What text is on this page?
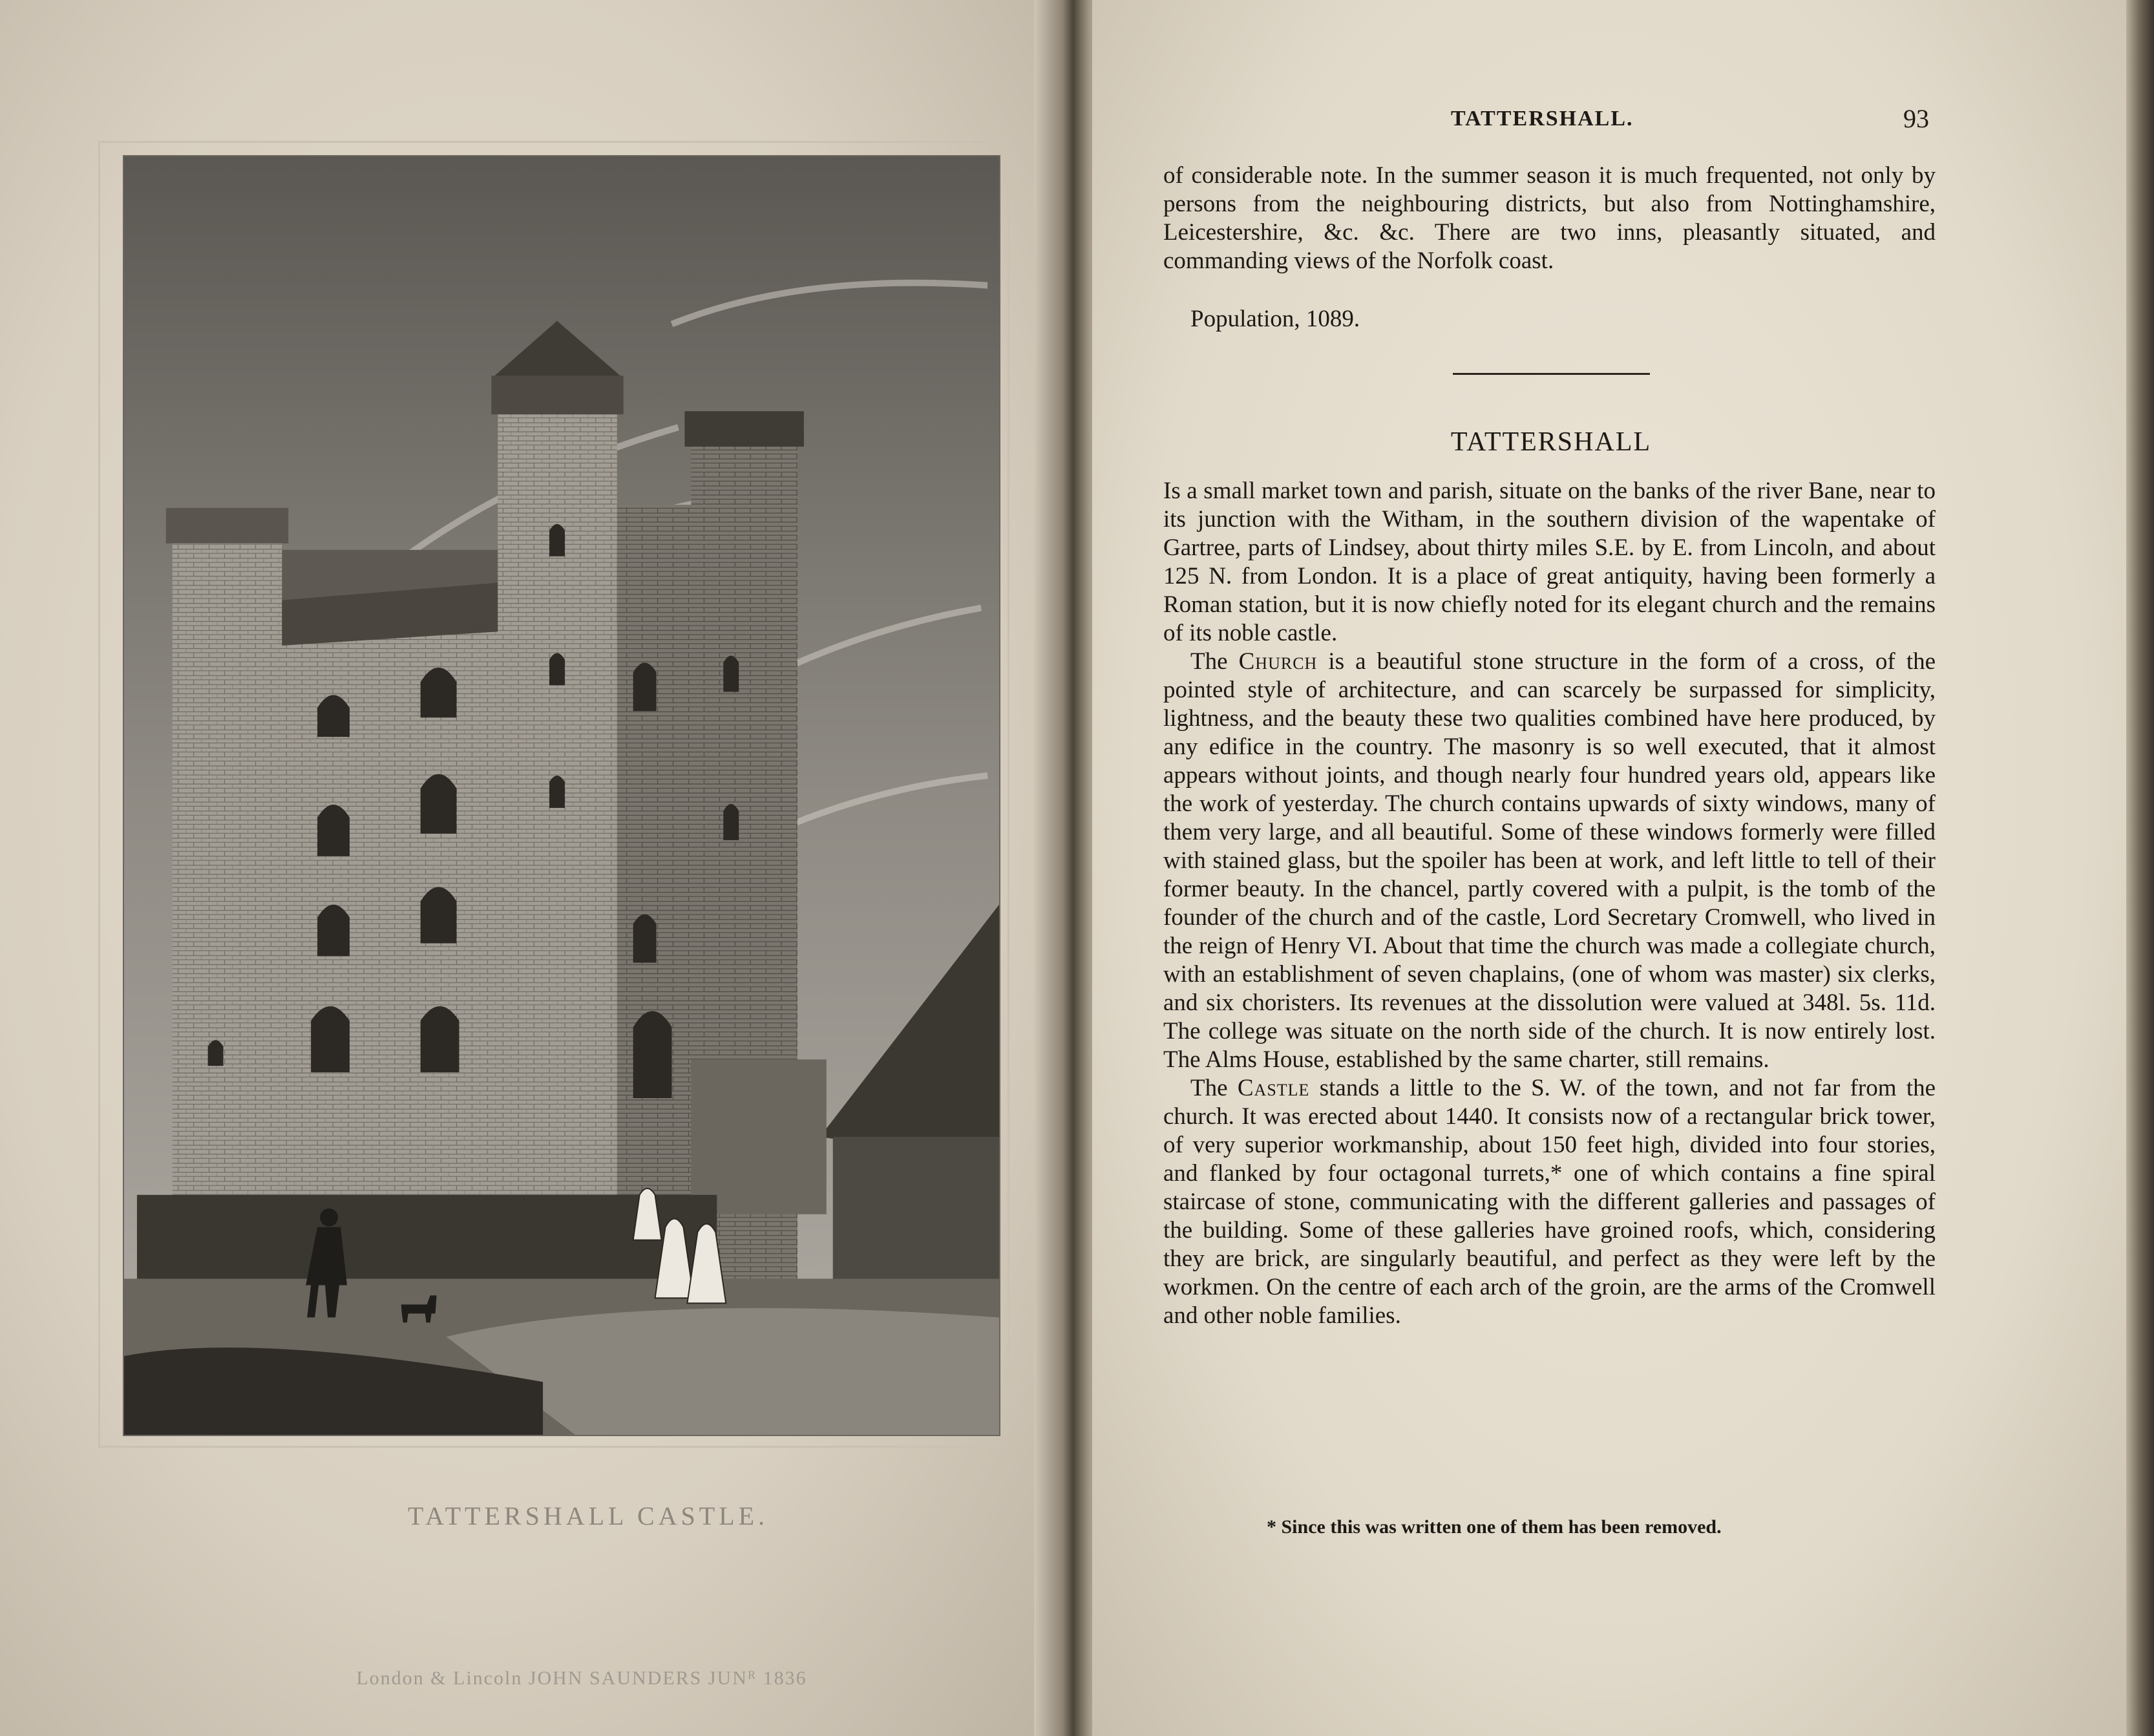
TATTERSHALL CASTLE.
London & Lincoln JOHN SAUNDERS JUNᴿ 1836
TATTERSHALL.	93

of considerable note. In the summer season it is much frequented, not only by persons from the neighbouring districts, but also from Nottinghamshire, Leicestershire, &c. &c. There are two inns, pleasantly situated, and commanding views of the Norfolk coast.

Population, 1089.

TATTERSHALL

Is a small market town and parish, situate on the banks of the river Bane, near to its junction with the Witham, in the southern division of the wapentake of Gartree, parts of Lindsey, about thirty miles S.E. by E. from Lincoln, and about 125 N. from London. It is a place of great antiquity, having been formerly a Roman station, but it is now chiefly noted for its elegant church and the remains of its noble castle.

The Church is a beautiful stone structure in the form of a cross, of the pointed style of architecture, and can scarcely be surpassed for simplicity, lightness, and the beauty these two qualities combined have here produced, by any edifice in the country. The masonry is so well executed, that it almost appears without joints, and though nearly four hundred years old, appears like the work of yesterday. The church contains upwards of sixty windows, many of them very large, and all beautiful. Some of these windows formerly were filled with stained glass, but the spoiler has been at work, and left little to tell of their former beauty. In the chancel, partly covered with a pulpit, is the tomb of the founder of the church and of the castle, Lord Secretary Cromwell, who lived in the reign of Henry VI. About that time the church was made a collegiate church, with an establishment of seven chaplains, (one of whom was master) six clerks, and six choristers. Its revenues at the dissolution were valued at 348l. 5s. 11d. The college was situate on the north side of the church. It is now entirely lost. The Alms House, established by the same charter, still remains.

The Castle stands a little to the S. W. of the town, and not far from the church. It was erected about 1440. It consists now of a rectangular brick tower, of very superior workmanship, about 150 feet high, divided into four stories, and flanked by four octagonal turrets,* one of which contains a fine spiral staircase of stone, communicating with the different galleries and passages of the building. Some of these galleries have groined roofs, which, considering they are brick, are singularly beautiful, and perfect as they were left by the workmen. On the centre of each arch of the groin, are the arms of the Cromwell and other noble families.

* Since this was written one of them has been removed.
